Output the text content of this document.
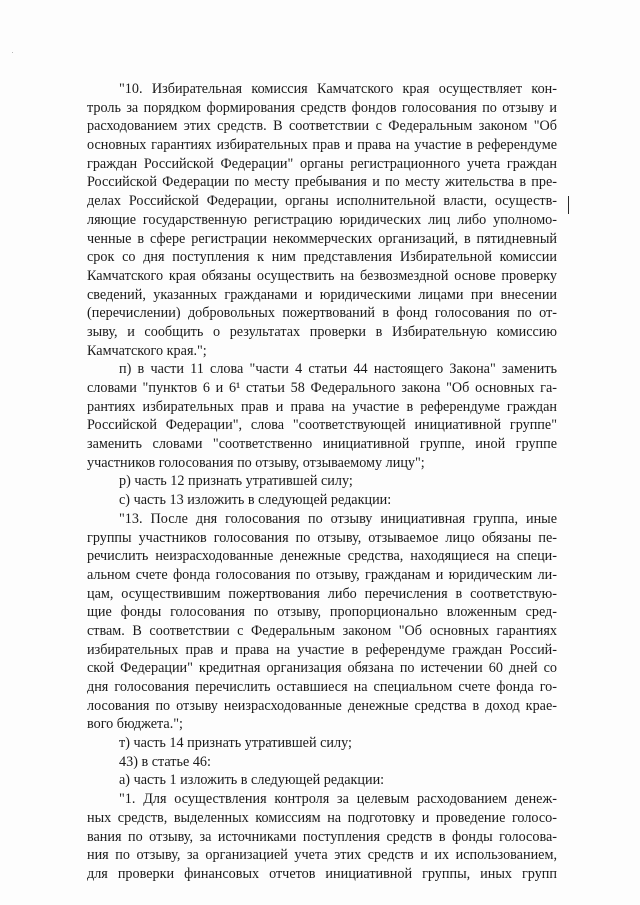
"10. Избирательная комиссия Камчатского края осуществляет кон-
троль за порядком формирования средств фондов голосования по отзыву и
расходованием этих средств. В соответствии с Федеральным законом "Об
основных гарантиях избирательных прав и права на участие в референдуме
граждан Российской Федерации" органы регистрационного учета граждан
Российской Федерации по месту пребывания и по месту жительства в пре-
делах Российской Федерации, органы исполнительной власти, осуществ-
ляющие государственную регистрацию юридических лиц либо уполномо-
ченные в сфере регистрации некоммерческих организаций, в пятидневный
срок со дня поступления к ним представления Избирательной комиссии
Камчатского края обязаны осуществить на безвозмездной основе проверку
сведений, указанных гражданами и юридическими лицами при внесении
(перечислении) добровольных пожертвований в фонд голосования по от-
зыву, и сообщить о результатах проверки в Избирательную комиссию
Камчатского края.";
п) в части 11 слова "части 4 статьи 44 настоящего Закона" заменить
словами "пунктов 6 и 6¹ статьи 58 Федерального закона "Об основных га-
рантиях избирательных прав и права на участие в референдуме граждан
Российской Федерации", слова "соответствующей инициативной группе"
заменить словами "соответственно инициативной группе, иной группе
участников голосования по отзыву, отзываемому лицу";
р) часть 12 признать утратившей силу;
с) часть 13 изложить в следующей редакции:
"13. После дня голосования по отзыву инициативная группа, иные
группы участников голосования по отзыву, отзываемое лицо обязаны пе-
речислить неизрасходованные денежные средства, находящиеся на специ-
альном счете фонда голосования по отзыву, гражданам и юридическим ли-
цам, осуществившим пожертвования либо перечисления в соответствую-
щие фонды голосования по отзыву, пропорционально вложенным сред-
ствам. В соответствии с Федеральным законом "Об основных гарантиях
избирательных прав и права на участие в референдуме граждан Россий-
ской Федерации" кредитная организация обязана по истечении 60 дней со
дня голосования перечислить оставшиеся на специальном счете фонда го-
лосования по отзыву неизрасходованные денежные средства в доход крае-
вого бюджета.";
т) часть 14 признать утратившей силу;
43) в статье 46:
а) часть 1 изложить в следующей редакции:
"1. Для осуществления контроля за целевым расходованием денеж-
ных средств, выделенных комиссиям на подготовку и проведение голосо-
вания по отзыву, за источниками поступления средств в фонды голосова-
ния по отзыву, за организацией учета этих средств и их использованием,
для проверки финансовых отчетов инициативной группы, иных групп
